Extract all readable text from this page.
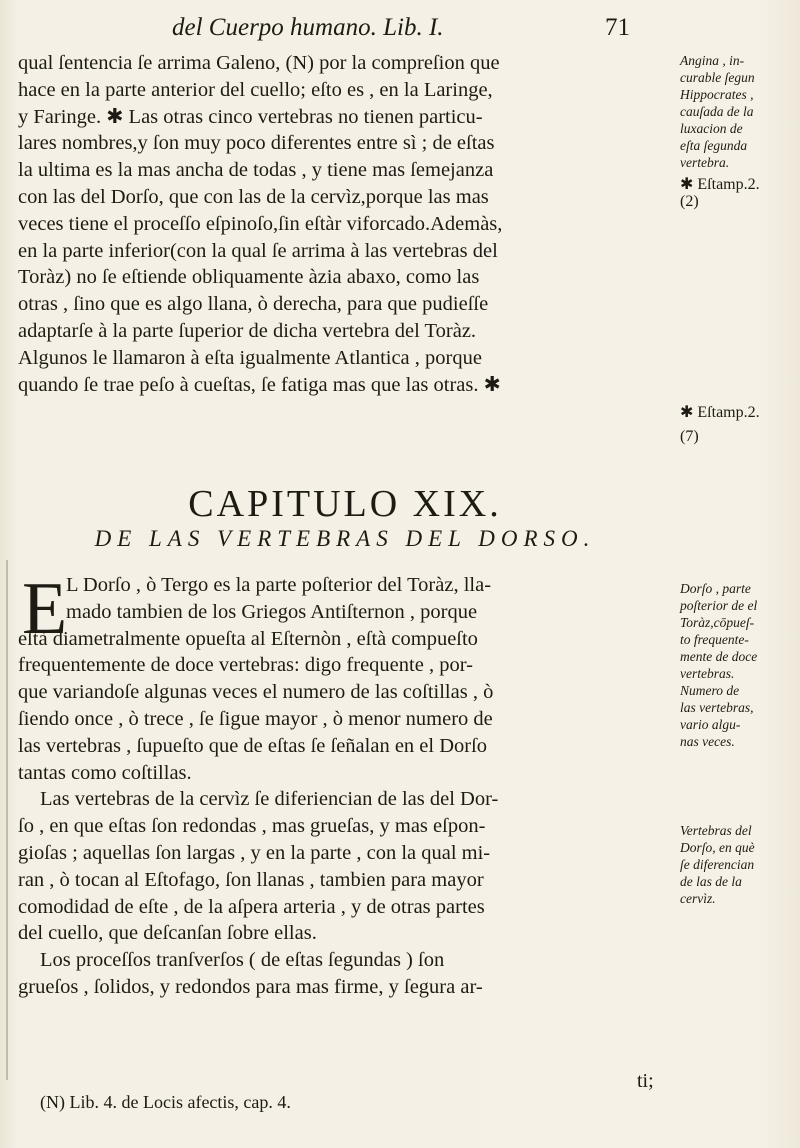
del Cuerpo humano. Lib. I.	71
qual ſentencia ſe arrima Galeno, (N) por la compreſion que
hace en la parte anterior del cuello; eſto es , en la Laringe,
y Faringe. ✱ Las otras cinco vertebras no tienen particu-
lares nombres,y ſon muy poco diferentes entre sì ; de eſtas
la ultima es la mas ancha de todas , y tiene mas ſemejanza
con las del Dorſo, que con las de la cervìz,porque las mas
veces tiene el proceſſo eſpinoſo,ſin eſtàr viforcado.Ademàs,
en la parte inferior(con la qual ſe arrima à las vertebras del
Toràz) no ſe eſtiende obliquamente àzia abaxo, como las
otras , ſino que es algo llana, ò derecha, para que pudieſſe
adaptarſe à la parte ſuperior de dicha vertebra del Toràz.
Algunos le llamaron à eſta igualmente Atlantica , porque
quando ſe trae peſo à cueſtas, ſe fatiga mas que las otras. ✱
Angina , in-
curable ſegun
Hippocrates ,
cauſada de la
luxacion de
eſta ſegunda
vertebra.
✱ Eſtamp.2.
(2)
✱ Eſtamp.2.
(7)
CAPITULO XIX.
DE LAS VERTEBRAS DEL DORSO.
E
L Dorſo , ò Tergo es la parte poſterior del Toràz, lla-
mado tambien de los Griegos Antiſternon , porque
eſtà diametralmente opueſta al Eſternòn , eſtà compueſto
frequentemente de doce vertebras: digo frequente , por-
que variandoſe algunas veces el numero de las coſtillas , ò
ſiendo once , ò trece , ſe ſigue mayor , ò menor numero de
las vertebras , ſupueſto que de eſtas ſe ſeñalan en el Dorſo
tantas como coſtillas.
Las vertebras de la cervìz ſe diferiencian de las del Dor-
ſo , en que eſtas ſon redondas , mas grueſas, y mas eſpon-
gioſas ; aquellas ſon largas , y en la parte , con la qual mi-
ran , ò tocan al Eſtofago, ſon llanas , tambien para mayor
comodidad de eſte , de la aſpera arteria , y de otras partes
del cuello, que deſcanſan ſobre ellas.
Los proceſſos tranſverſos ( de eſtas ſegundas ) ſon
grueſos , ſolidos, y redondos para mas firme, y ſegura ar-
Dorſo , parte
poſterior de el
Toràz,cōpueſ-
to frequente-
mente de doce
vertebras.
Numero de
las vertebras,
vario algu-
nas veces.
Vertebras del
Dorſo, en què
ſe diferencian
de las de la
cervìz.
ti;
(N) Lib. 4. de Locis afectis, cap. 4.
